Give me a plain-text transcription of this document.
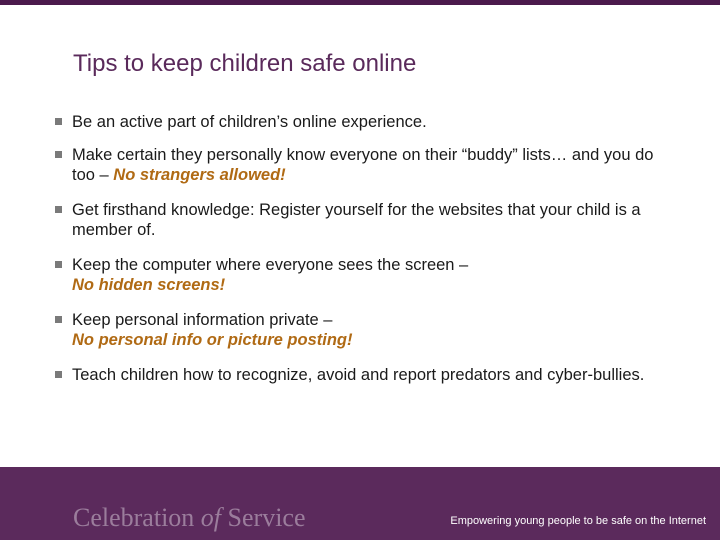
Tips to keep children safe online
Be an active part of children’s online experience.
Make certain they personally know everyone on their “buddy” lists… and you do too – No strangers allowed!
Get firsthand knowledge: Register yourself for the websites that your child is a member of.
Keep the computer where everyone sees the screen –
No hidden screens!
Keep personal information private –
No personal info or picture posting!
Teach children how to recognize, avoid and report predators and cyber-bullies.
Celebration of Service	Empowering young people to be safe on the Internet
